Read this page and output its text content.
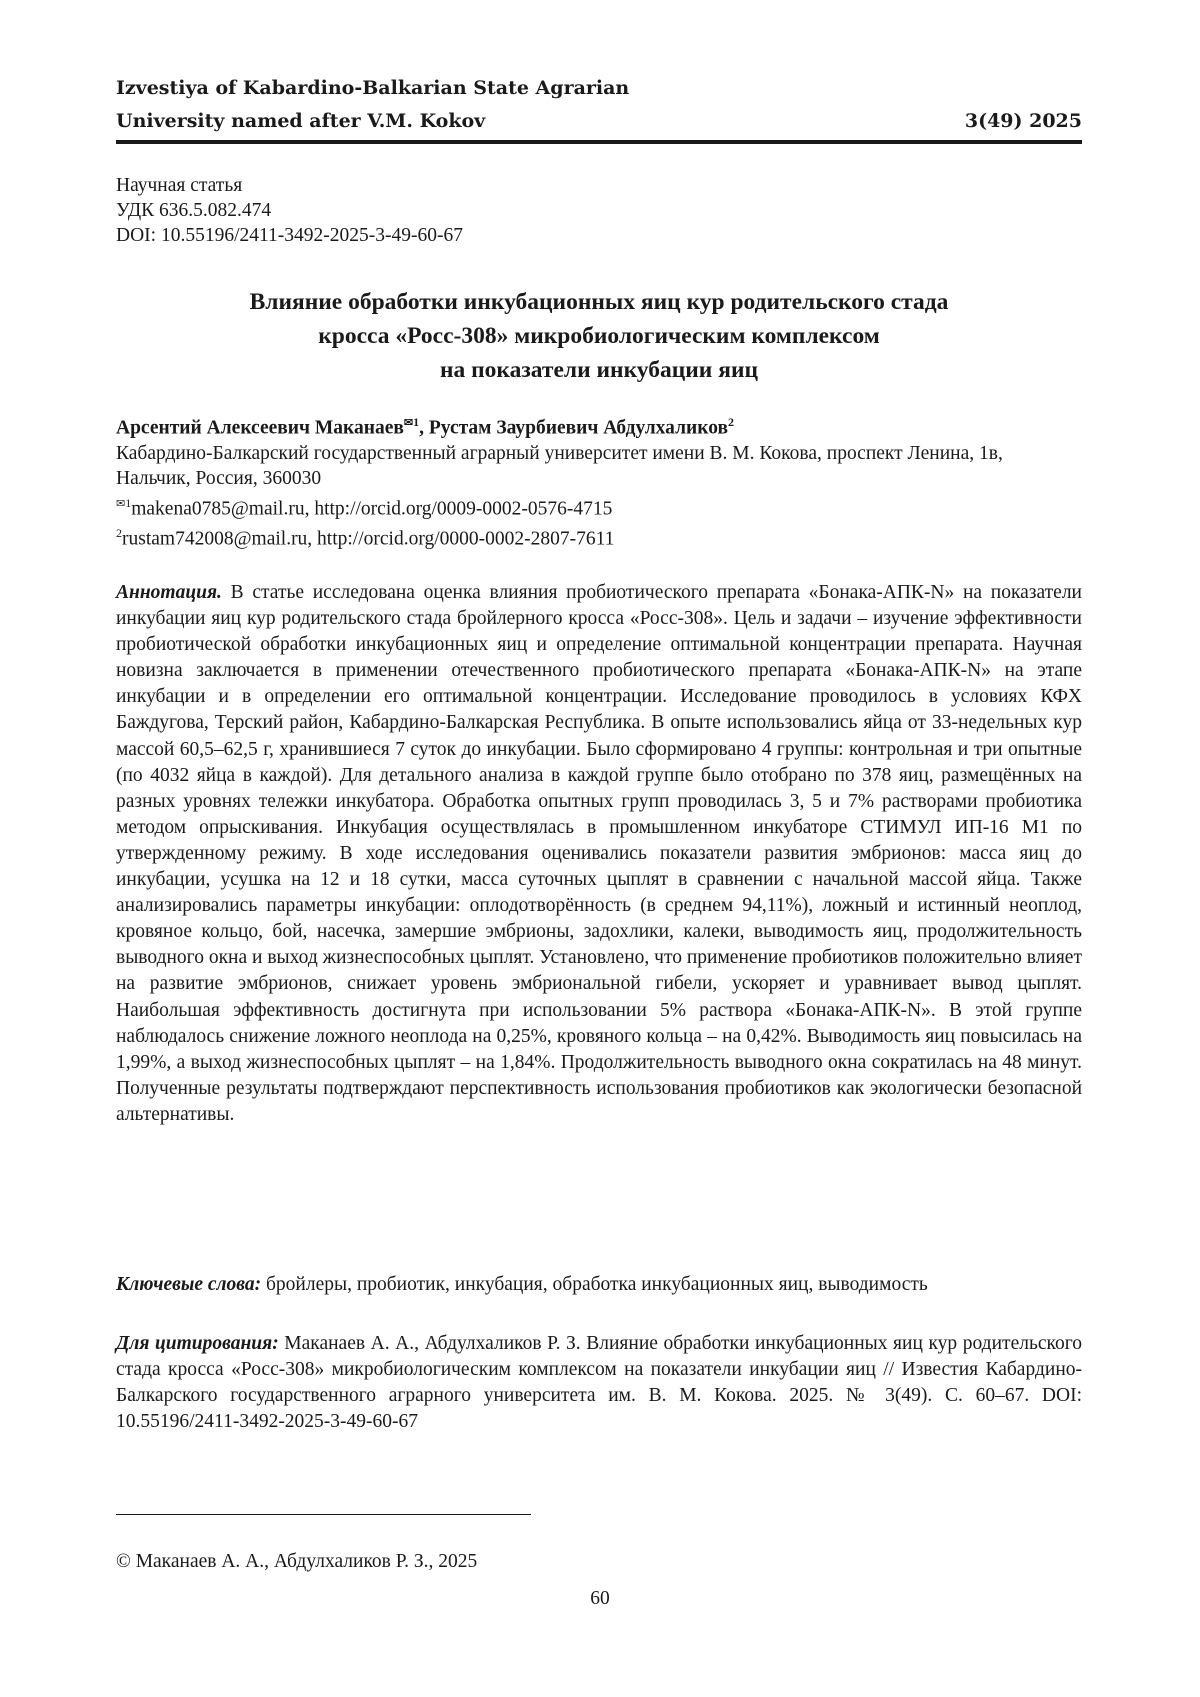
Izvestiya of Kabardino-Balkarian State Agrarian
University named after V.M. Kokov	3(49) 2025
Научная статья
УДК 636.5.082.474
DOI: 10.55196/2411-3492-2025-3-49-60-67
Влияние обработки инкубационных яиц кур родительского стада
кросса «Росс-308» микробиологическим комплексом
на показатели инкубации яиц
Арсентий Алексеевич Маканаев✉1, Рустам Заурбиевич Абдулхаликов2
Кабардино-Балкарский государственный аграрный университет имени В. М. Кокова, проспект Ленина, 1в, Нальчик, Россия, 360030
✉1makena0785@mail.ru, http://orcid.org/0009-0002-0576-4715
2rustam742008@mail.ru, http://orcid.org/0000-0002-2807-7611
Аннотация. В статье исследована оценка влияния пробиотического препарата «Бонака-АПК-N» на показатели инкубации яиц кур родительского стада бройлерного кросса «Росс-308». Цель и задачи – изучение эффективности пробиотической обработки инкубационных яиц и определение оптимальной концентрации препарата. Научная новизна заключается в применении отечественного пробиотического препарата «Бонака-АПК-N» на этапе инкубации и в определении его оптимальной концентрации. Исследование проводилось в условиях КФХ Баждугова, Терский район, Кабардино-Балкарская Республика. В опыте использовались яйца от 33-недельных кур массой 60,5–62,5 г, хранившиеся 7 суток до инкубации. Было сформировано 4 группы: контрольная и три опытные (по 4032 яйца в каждой). Для детального анализа в каждой группе было отобрано по 378 яиц, размещённых на разных уровнях тележки инкубатора. Обработка опытных групп проводилась 3, 5 и 7% растворами пробиотика методом опрыскивания. Инкубация осуществлялась в промышленном инкубаторе СТИМУЛ ИП-16 М1 по утвержденному режиму. В ходе исследования оценивались показатели развития эмбрионов: масса яиц до инкубации, усушка на 12 и 18 сутки, масса суточных цыплят в сравнении с начальной массой яйца. Также анализировались параметры инкубации: оплодотворённость (в среднем 94,11%), ложный и истинный неоплод, кровяное кольцо, бой, насечка, замершие эмбрионы, задохлики, калеки, выводимость яиц, продолжительность выводного окна и выход жизнеспособных цыплят. Установлено, что применение пробиотиков положительно влияет на развитие эмбрионов, снижает уровень эмбриональной гибели, ускоряет и уравнивает вывод цыплят. Наибольшая эффективность достигнута при использовании 5% раствора «Бонака-АПК-N». В этой группе наблюдалось снижение ложного неоплода на 0,25%, кровяного кольца – на 0,42%. Выводимость яиц повысилась на 1,99%, а выход жизнеспособных цыплят – на 1,84%. Продолжительность выводного окна сократилась на 48 минут. Полученные результаты подтверждают перспективность использования пробиотиков как экологически безопасной альтернативы.
Ключевые слова: бройлеры, пробиотик, инкубация, обработка инкубационных яиц, выводимость
Для цитирования: Маканаев А. А., Абдулхаликов Р. З. Влияние обработки инкубационных яиц кур родительского стада кросса «Росс-308» микробиологическим комплексом на показатели инкубации яиц // Известия Кабардино-Балкарского государственного аграрного университета им. В. М. Кокова. 2025. № 3(49). С. 60–67. DOI: 10.55196/2411-3492-2025-3-49-60-67
© Маканаев А. А., Абдулхаликов Р. З., 2025
60
